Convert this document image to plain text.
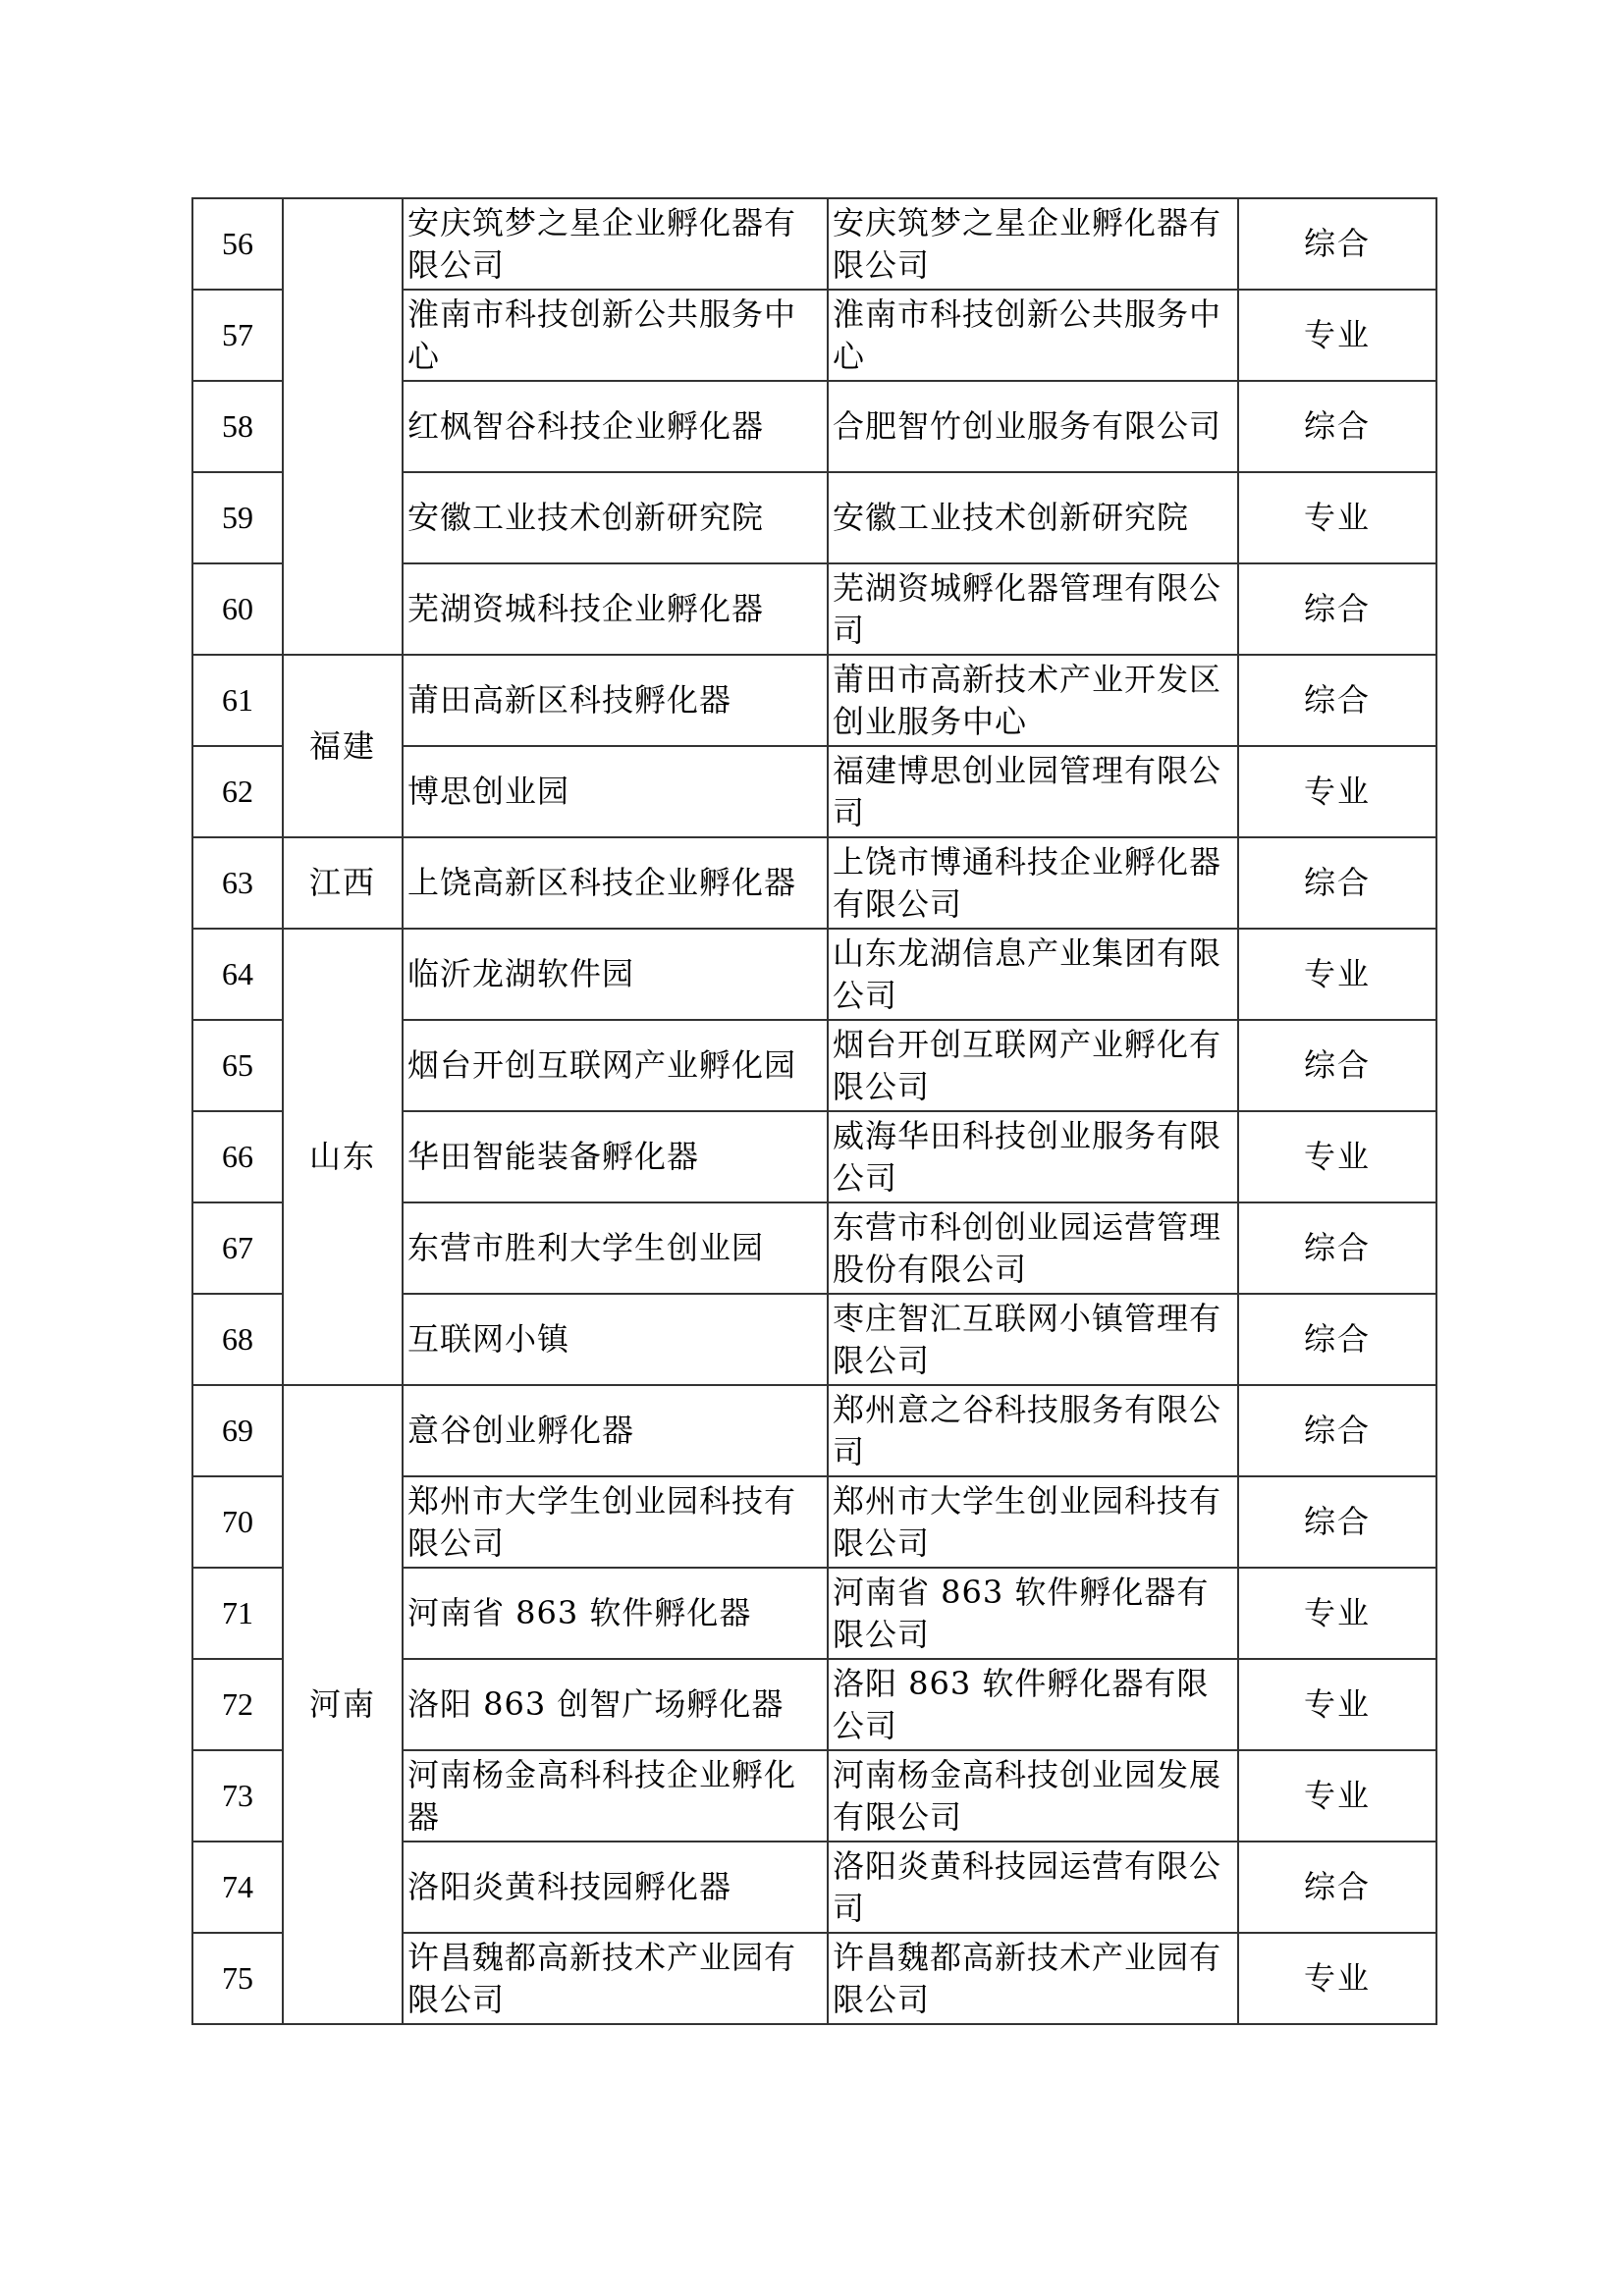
56		安庆筑梦之星企业孵化器有限公司	安庆筑梦之星企业孵化器有限公司	综合
57		淮南市科技创新公共服务中心	淮南市科技创新公共服务中心	专业
58		红枫智谷科技企业孵化器	合肥智竹创业服务有限公司	综合
59		安徽工业技术创新研究院	安徽工业技术创新研究院	专业
60		芜湖资城科技企业孵化器	芜湖资城孵化器管理有限公司	综合
61	福建	莆田高新区科技孵化器	莆田市高新技术产业开发区创业服务中心	综合
62		博思创业园	福建博思创业园管理有限公司	专业
63	江西	上饶高新区科技企业孵化器	上饶市博通科技企业孵化器有限公司	综合
64	山东	临沂龙湖软件园	山东龙湖信息产业集团有限公司	专业
65		烟台开创互联网产业孵化园	烟台开创互联网产业孵化有限公司	综合
66		华田智能装备孵化器	威海华田科技创业服务有限公司	专业
67		东营市胜利大学生创业园	东营市科创创业园运营管理股份有限公司	综合
68		互联网小镇	枣庄智汇互联网小镇管理有限公司	综合
69	河南	意谷创业孵化器	郑州意之谷科技服务有限公司	综合
70		郑州市大学生创业园科技有限公司	郑州市大学生创业园科技有限公司	综合
71		河南省 863 软件孵化器	河南省 863 软件孵化器有限公司	专业
72		洛阳 863 创智广场孵化器	洛阳 863 软件孵化器有限公司	专业
73		河南杨金高科科技企业孵化器	河南杨金高科技创业园发展有限公司	专业
74		洛阳炎黄科技园孵化器	洛阳炎黄科技园运营有限公司	综合
75		许昌魏都高新技术产业园有限公司	许昌魏都高新技术产业园有限公司	专业
